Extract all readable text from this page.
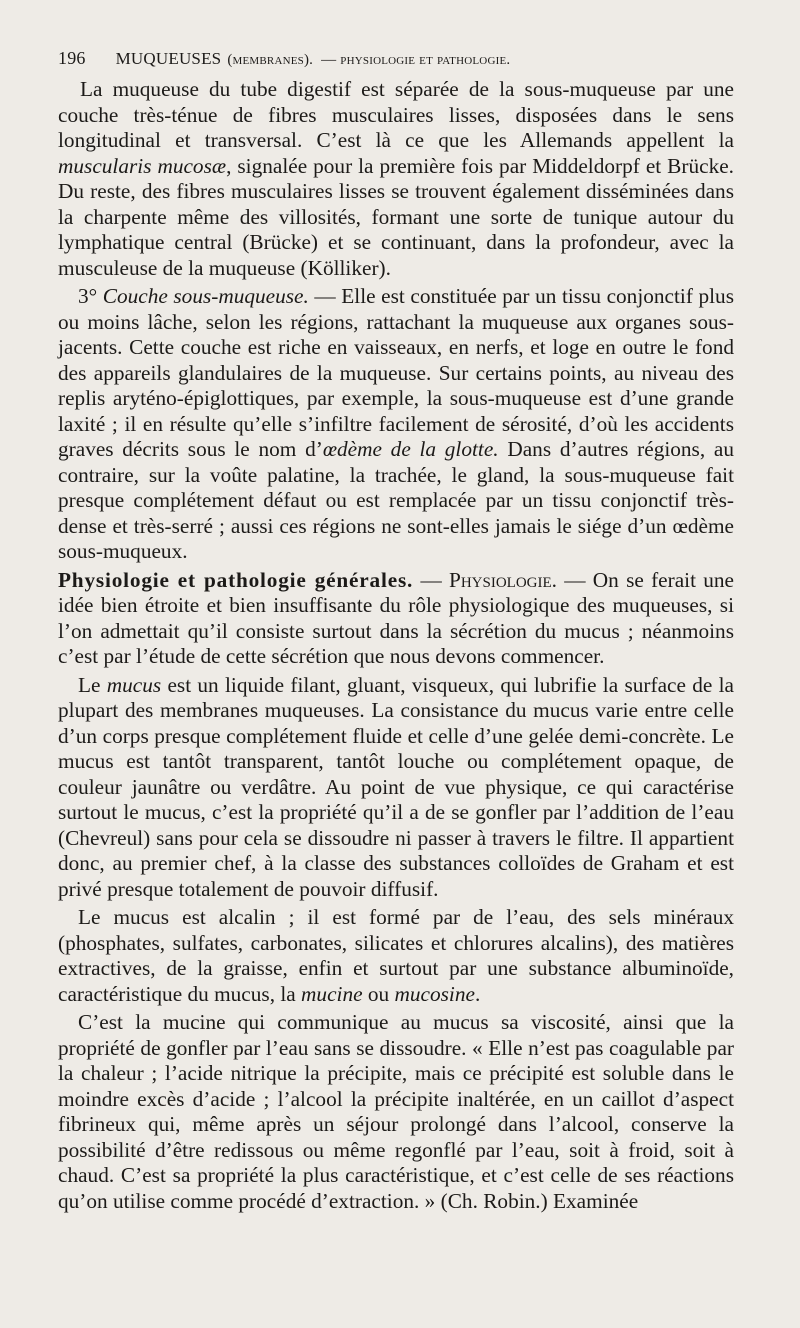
196 MUQUEUSES (membranes). — physiologie et pathologie.

La muqueuse du tube digestif est séparée de la sous-muqueuse par une couche très-ténue de fibres musculaires lisses, disposées dans le sens longitudinal et transversal. C’est là ce que les Allemands appellent la muscularis mucosæ, signalée pour la première fois par Middeldorpf et Brücke. Du reste, des fibres musculaires lisses se trouvent également disséminées dans la charpente même des villosités, formant une sorte de tunique autour du lymphatique central (Brücke) et se continuant, dans la profondeur, avec la musculeuse de la muqueuse (Kölliker).

3° Couche sous-muqueuse. — Elle est constituée par un tissu conjonctif plus ou moins lâche, selon les régions, rattachant la muqueuse aux organes sous-jacents. Cette couche est riche en vaisseaux, en nerfs, et loge en outre le fond des appareils glandulaires de la muqueuse. Sur certains points, au niveau des replis aryténo-épiglottiques, par exemple, la sous-muqueuse est d’une grande laxité ; il en résulte qu’elle s’infiltre facilement de sérosité, d’où les accidents graves décrits sous le nom d’œdème de la glotte. Dans d’autres régions, au contraire, sur la voûte palatine, la trachée, le gland, la sous-muqueuse fait presque complétement défaut ou est remplacée par un tissu conjonctif très-dense et très-serré ; aussi ces régions ne sont-elles jamais le siége d’un œdème sous-muqueux.

Physiologie et pathologie générales. — Physiologie. — On se ferait une idée bien étroite et bien insuffisante du rôle physiologique des muqueuses, si l’on admettait qu’il consiste surtout dans la sécrétion du mucus ; néanmoins c’est par l’étude de cette sécrétion que nous devons commencer.

Le mucus est un liquide filant, gluant, visqueux, qui lubrifie la surface de la plupart des membranes muqueuses. La consistance du mucus varie entre celle d’un corps presque complétement fluide et celle d’une gelée demi-concrète. Le mucus est tantôt transparent, tantôt louche ou complétement opaque, de couleur jaunâtre ou verdâtre. Au point de vue physique, ce qui caractérise surtout le mucus, c’est la propriété qu’il a de se gonfler par l’addition de l’eau (Chevreul) sans pour cela se dissoudre ni passer à travers le filtre. Il appartient donc, au premier chef, à la classe des substances colloïdes de Graham et est privé presque totalement de pouvoir diffusif.

Le mucus est alcalin ; il est formé par de l’eau, des sels minéraux (phosphates, sulfates, carbonates, silicates et chlorures alcalins), des matières extractives, de la graisse, enfin et surtout par une substance albuminoïde, caractéristique du mucus, la mucine ou mucosine.

C’est la mucine qui communique au mucus sa viscosité, ainsi que la propriété de gonfler par l’eau sans se dissoudre. « Elle n’est pas coagulable par la chaleur ; l’acide nitrique la précipite, mais ce précipité est soluble dans le moindre excès d’acide ; l’alcool la précipite inaltérée, en un caillot d’aspect fibrineux qui, même après un séjour prolongé dans l’alcool, conserve la possibilité d’être redissous ou même regonflé par l’eau, soit à froid, soit à chaud. C’est sa propriété la plus caractéristique, et c’est celle de ses réactions qu’on utilise comme procédé d’extraction. » (Ch. Robin.) Examinée
